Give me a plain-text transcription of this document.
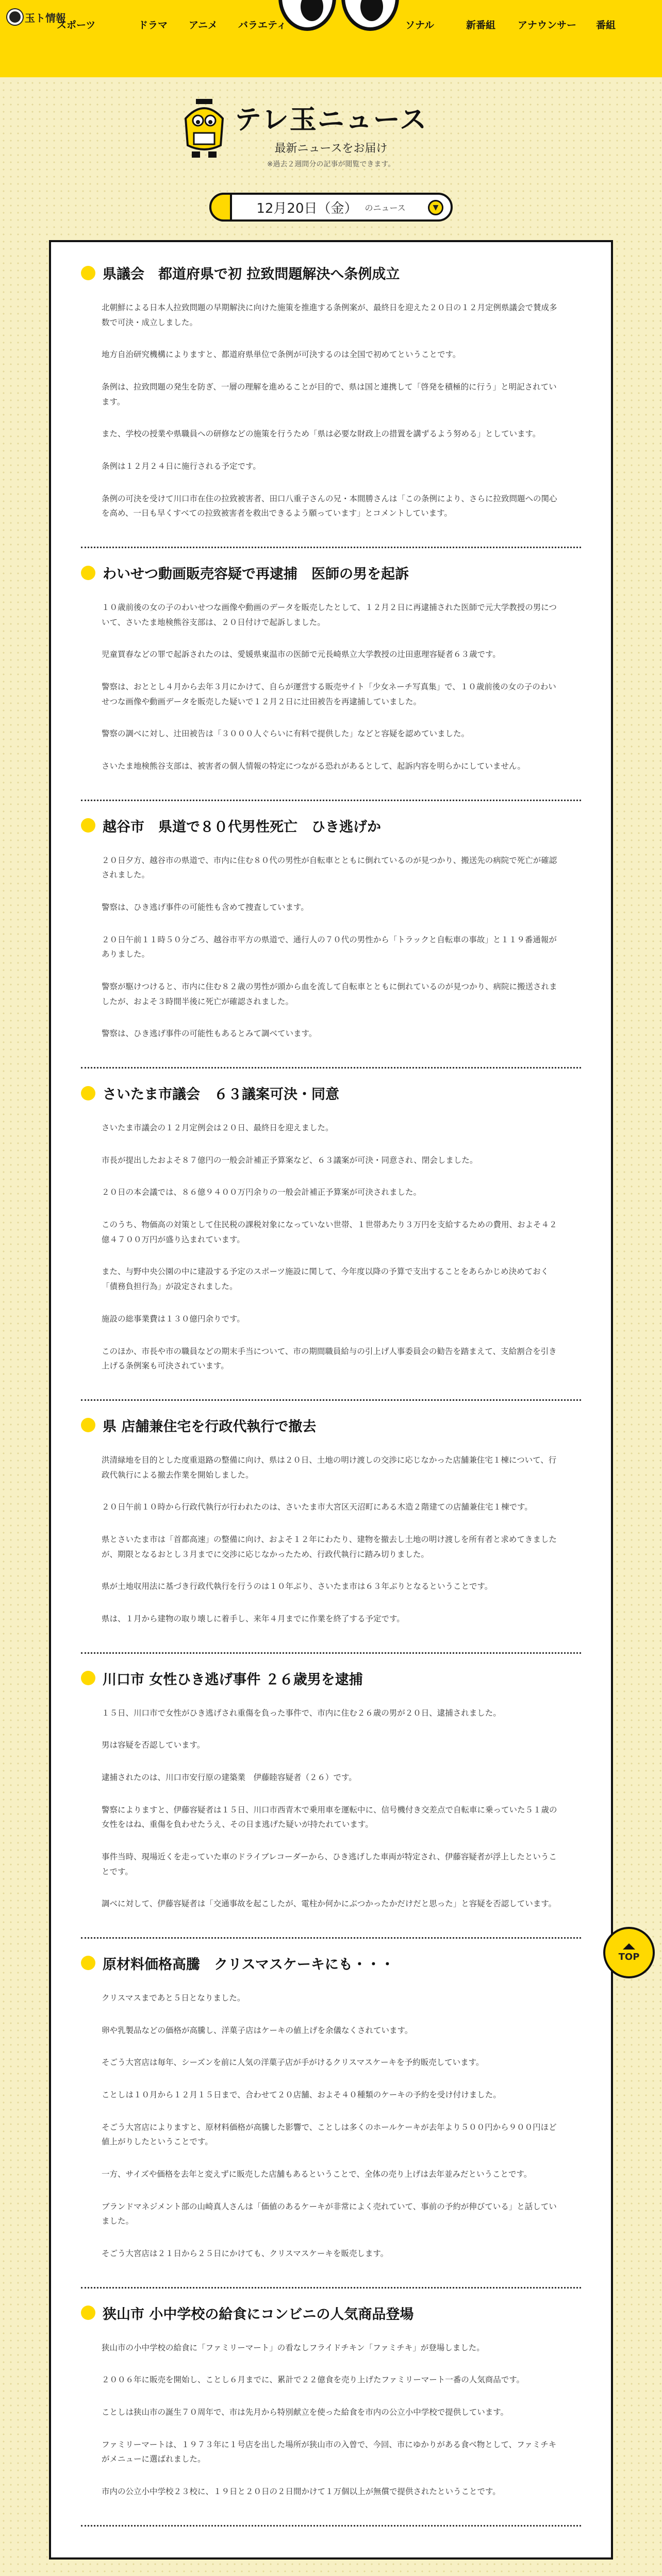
玉ト情報
スポーツ	ドラマ アニメ バラエティ	ソナル	新番組 アナウンサー 番組
テレ玉ニュース
最新ニュースをお届け
※過去２週間分の記事が閲覧できます。
12月20日（金） のニュース	▼
県議会　都道府県で初 拉致問題解決へ条例成立

北朝鮮による日本人拉致問題の早期解決に向けた施策を推進する条例案が、最終日を迎えた２０日の１２月定例県議会で賛成多数で可決・成立しました。

地方自治研究機構によりますと、都道府県単位で条例が可決するのは全国で初めてということです。

条例は、拉致問題の発生を防ぎ、一層の理解を進めることが目的で、県は国と連携して「啓発を積極的に行う」と明記されています。

また、学校の授業や県職員への研修などの施策を行うため「県は必要な財政上の措置を講ずるよう努める」としています。

条例は１２月２４日に施行される予定です。

条例の可決を受けて川口市在住の拉致被害者、田口八重子さんの兄・本間勝さんは「この条例により、さらに拉致問題への関心を高め、一日も早くすべての拉致被害者を救出できるよう願っています」とコメントしています。

わいせつ動画販売容疑で再逮捕　医師の男を起訴

１０歳前後の女の子のわいせつな画像や動画のデータを販売したとして、１２月２日に再逮捕された医師で元大学教授の男について、さいたま地検熊谷支部は、２０日付けで起訴しました。

児童買春などの罪で起訴されたのは、愛媛県東温市の医師で元長崎県立大学教授の辻田恵理容疑者６３歳です。

警察は、おととし４月から去年３月にかけて、自らが運営する販売サイト「少女ネーチ写真集」で、１０歳前後の女の子のわいせつな画像や動画データを販売した疑いで１２月２日に辻田被告を再逮捕していました。

警察の調べに対し、辻田被告は「３０００人ぐらいに有料で提供した」などと容疑を認めていました。

さいたま地検熊谷支部は、被害者の個人情報の特定につながる恐れがあるとして、起訴内容を明らかにしていません。

越谷市　県道で８０代男性死亡　ひき逃げか

２０日夕方、越谷市の県道で、市内に住む８０代の男性が自転車とともに倒れているのが見つかり、搬送先の病院で死亡が確認されました。

警察は、ひき逃げ事件の可能性も含めて捜査しています。

２０日午前１１時５０分ごろ、越谷市平方の県道で、通行人の７０代の男性から「トラックと自転車の事故」と１１９番通報がありました。

警察が駆けつけると、市内に住む８２歳の男性が頭から血を流して自転車とともに倒れているのが見つかり、病院に搬送されましたが、およそ３時間半後に死亡が確認されました。

警察は、ひき逃げ事件の可能性もあるとみて調べています。

さいたま市議会　６３議案可決・同意

さいたま市議会の１２月定例会は２０日、最終日を迎えました。

市長が提出したおよそ８７億円の一般会計補正予算案など、６３議案が可決・同意され、閉会しました。

２０日の本会議では、８６億９４００万円余りの一般会計補正予算案が可決されました。

このうち、物価高の対策として住民税の課税対象になっていない世帯、１世帯あたり３万円を支給するための費用、およそ４２億４７００万円が盛り込まれています。

また、与野中央公園の中に建設する予定のスポーツ施設に関して、今年度以降の予算で支出することをあらかじめ決めておく「債務負担行為」が設定されました。

施設の総事業費は１３０億円余りです。

このほか、市長や市の職員などの期末手当について、市の期間職員給与の引上げ人事委員会の勧告を踏まえて、支給割合を引き上げる条例案も可決されています。

県 店舗兼住宅を行政代執行で撤去

洪清緑地を目的とした度重退路の整備に向け、県は２０日、土地の明け渡しの交渉に応じなかった店舗兼住宅１棟について、行政代執行による撤去作業を開始しました。

２０日午前１０時から行政代執行が行われたのは、さいたま市大宮区天沼町にある木造２階建ての店舗兼住宅１棟です。

県とさいたま市は「首都高速」の整備に向け、およそ１２年にわたり、建物を撤去し土地の明け渡しを所有者と求めてきましたが、期限となるおとし３月までに交渉に応じなかったため、行政代執行に踏み切りました。

県が土地収用法に基づき行政代執行を行うのは１０年ぶり、さいたま市は６３年ぶりとなるということです。

県は、１月から建物の取り壊しに着手し、来年４月までに作業を終了する予定です。

川口市 女性ひき逃げ事件 ２６歳男を逮捕

１５日、川口市で女性がひき逃げされ重傷を負った事件で、市内に住む２６歳の男が２０日、逮捕されました。

男は容疑を否認しています。

逮捕されたのは、川口市安行原の建築業　伊藤睦容疑者（２６）です。

警察によりますと、伊藤容疑者は１５日、川口市西青木で乗用車を運転中に、信号機付き交差点で自転車に乗っていた５１歳の女性をはね、重傷を負わせたうえ、その日ま逃げた疑いが持たれています。

事件当時、現場近くを走っていた車のドライブレコーダーから、ひき逃げした車両が特定され、伊藤容疑者が浮上したということです。

調べに対して、伊藤容疑者は「交通事故を起こしたが、電柱か何かにぶつかったかだけだと思った」と容疑を否認しています。

原材料価格高騰　クリスマスケーキにも・・・

クリスマスまであと５日となりました。

卵や乳製品などの価格が高騰し、洋菓子店はケーキの値上げを余儀なくされています。

そごう大宮店は毎年、シーズンを前に人気の洋菓子店が手がけるクリスマスケーキを予約販売しています。

ことしは１０月から１２月１５日まで、合わせて２０店舗、およそ４０種類のケーキの予約を受け付けました。

そごう大宮店によりますと、原材料価格が高騰した影響で、ことしは多くのホールケーキが去年より５００円から９００円ほど値上がりしたということです。

一方、サイズや価格を去年と変えずに販売した店舗もあるということで、全体の売り上げは去年並みだということです。

ブランドマネジメント部の山崎真人さんは「価値のあるケーキが非常によく売れていて、事前の予約が伸びている」と話していました。

そごう大宮店は２１日から２５日にかけても、クリスマスケーキを販売します。

狭山市 小中学校の給食にコンビニの人気商品登場

狭山市の小中学校の給食に「ファミリーマート」の看なしフライドチキン「ファミチキ」が登場しました。

２００６年に販売を開始し、ことし６月までに、累計で２２億食を売り上げたファミリーマート一番の人気商品です。

ことしは狭山市の誕生７０周年で、市は先月から特別献立を使った給食を市内の公立小中学校で提供しています。

ファミリーマートは、１９７３年に１号店を出した場所が狭山市の入曽で、今回、市にゆかりがある食べ物として、ファミチキがメニューに選ばれました。

市内の公立小中学校２３校に、１９日と２０日の２日間かけて１万個以上が無償で提供されたということです。

TOP
